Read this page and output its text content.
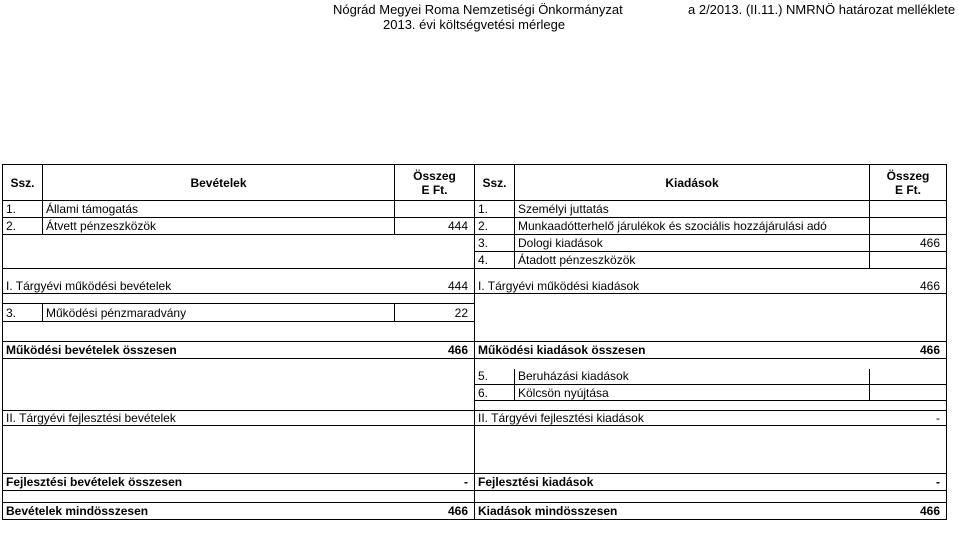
Nógrád Megyei Roma Nemzetiségi Önkormányzat
2013. évi költségvetési mérlege
a 2/2013. (II.11.) NMRNÖ határozat melléklete
Ssz.	Bevételek	Összeg
E Ft.	Ssz.	Kiadások	Összeg
E Ft.
1.	Állami támogatás		1.	Személyi juttatás	
2.	Átvett pénzeszközök	444	2.	Munkaadótterhelő járulékok és szociális hozzájárulási adó	
			3.	Dologi kiadások	466
			4.	Átadott pénzeszközök	

I. Tárgyévi működési bevételek		444	I. Tárgyévi működési kiadások		466

3.	Működési pénzmaradvány	22			

Működési bevételek összesen		466	Működési kiadások összesen		466

			5.	Beruházási kiadások	
			6.	Kölcsön nyújtása	

II. Tárgyévi fejlesztési bevételek			II. Tárgyévi fejlesztési kiadások		-

Fejlesztési bevételek összesen		-	Fejlesztési kiadások		-

Bevételek mindösszesen		466	Kiadások mindösszesen		466
